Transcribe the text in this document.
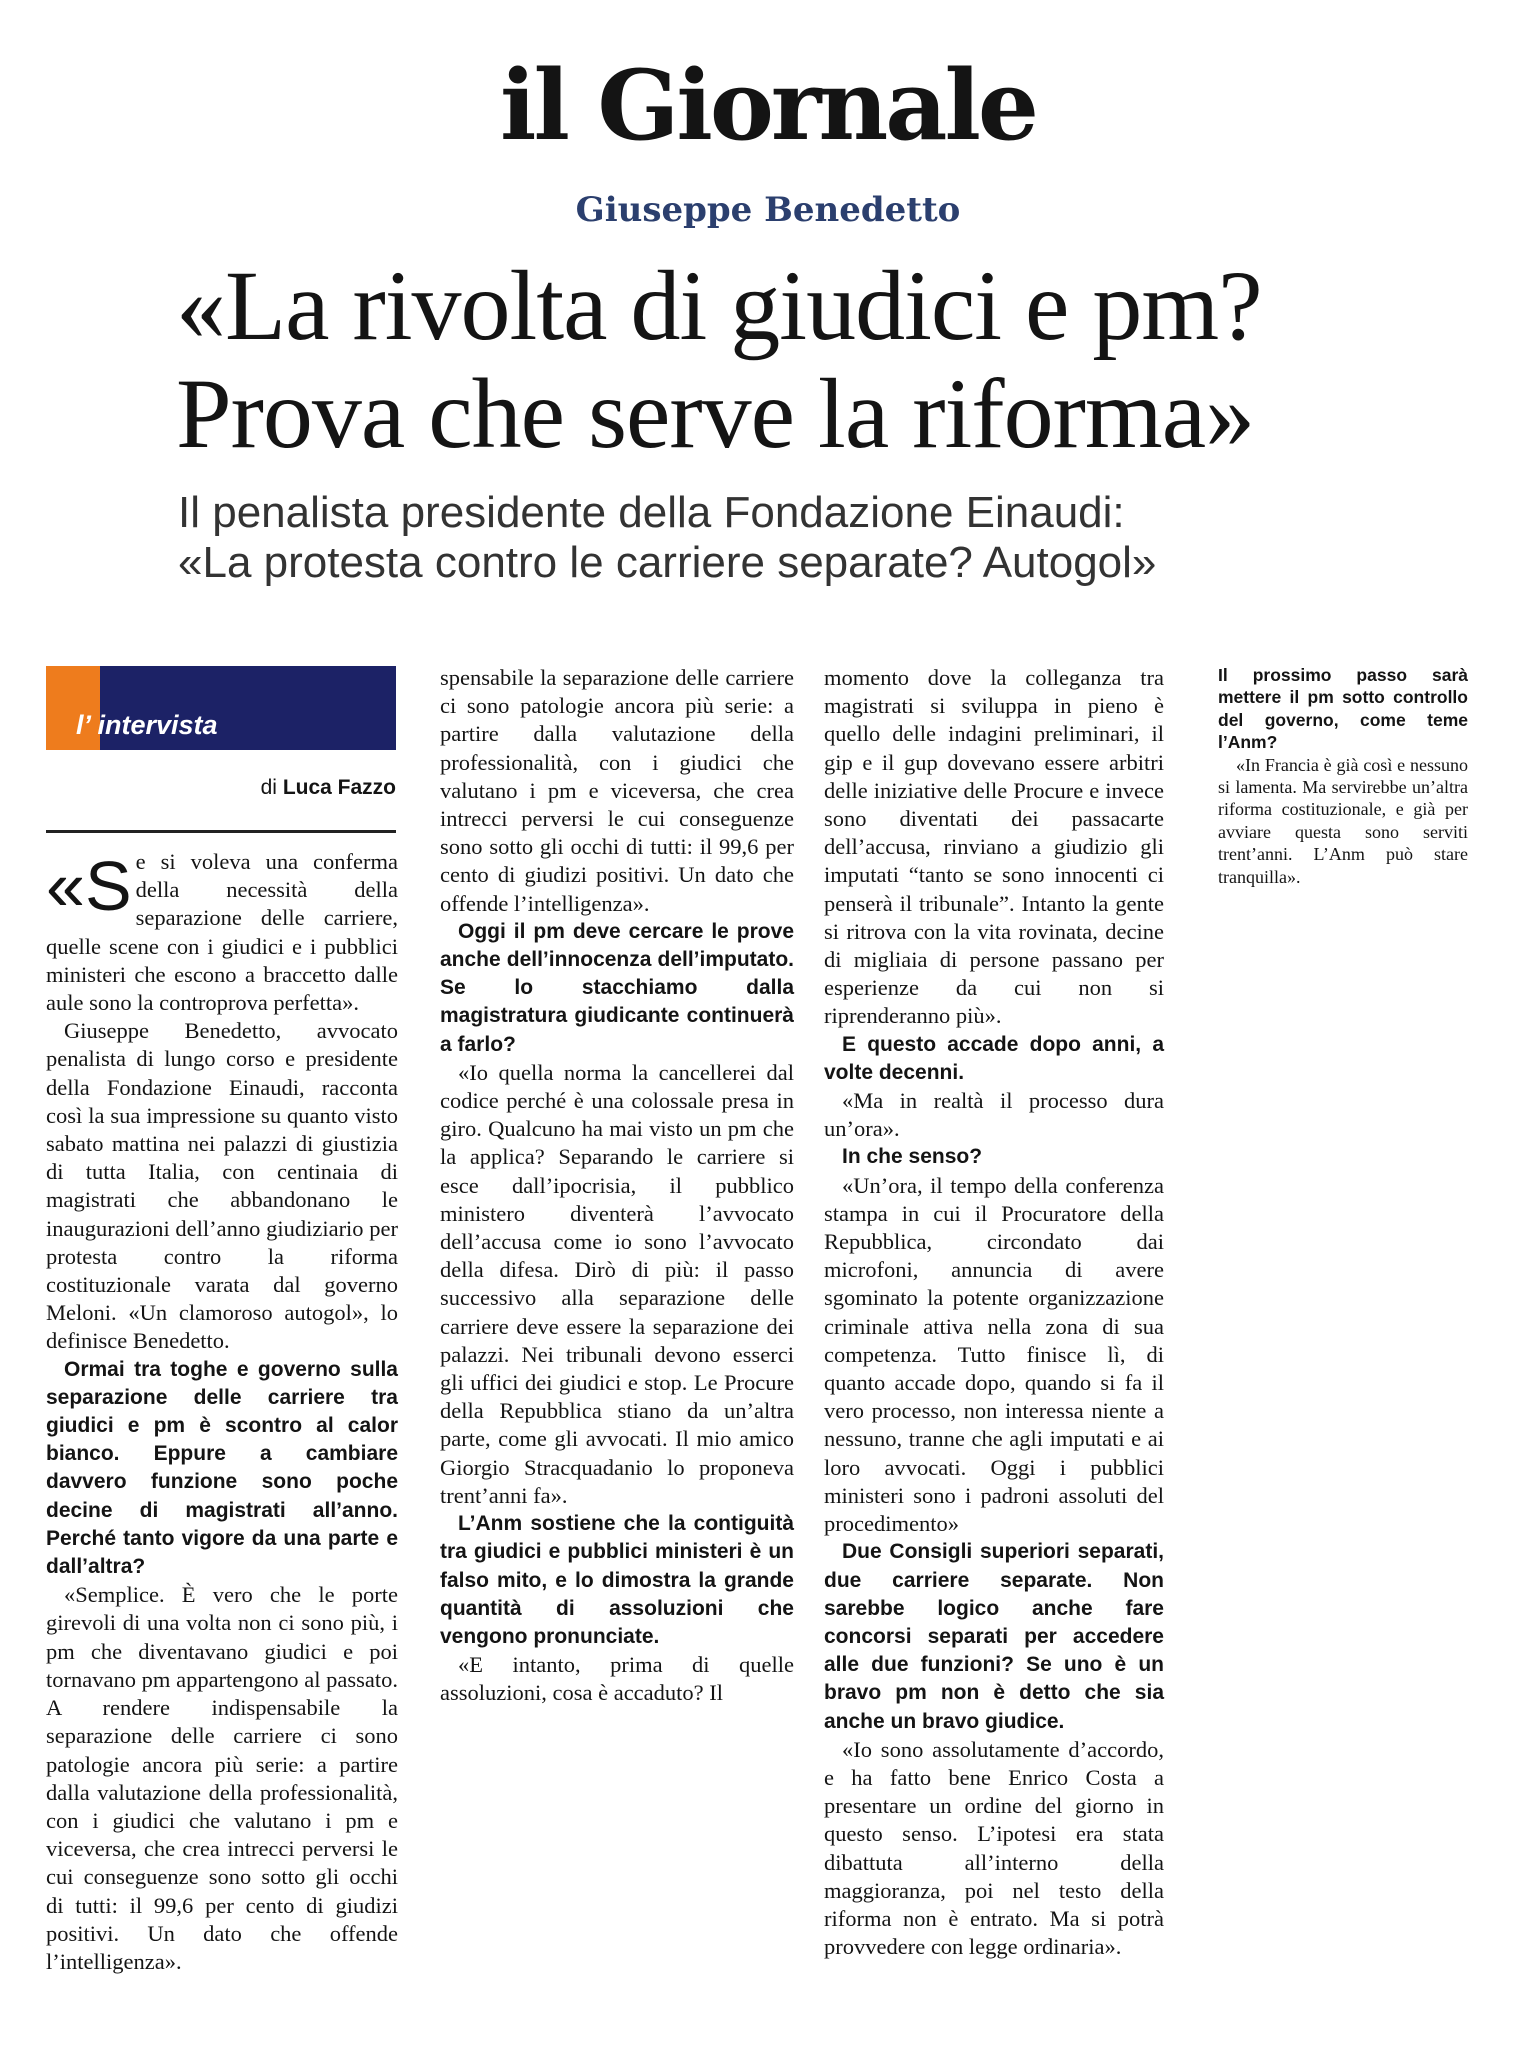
il Giornale
Giuseppe Benedetto
«La rivolta di giudici e pm?
Prova che serve la riforma»
Il penalista presidente della Fondazione Einaudi:
«La protesta contro le carriere separate? Autogol»
l’ intervista
di Luca Fazzo

«S e si voleva una conferma della necessità della separazione delle carriere, quelle scene con i giudici e i pubblici ministeri che escono a braccetto dalle aule sono la controprova perfetta».

Giuseppe Benedetto, avvocato penalista di lungo corso e presidente della Fondazione Einaudi, racconta così la sua impressione su quanto visto sabato mattina nei palazzi di giustizia di tutta Italia, con centinaia di magistrati che abbandonano le inaugurazioni dell’anno giudiziario per protesta contro la riforma costituzionale varata dal governo Meloni. «Un clamoroso autogol», lo definisce Benedetto.

Ormai tra toghe e governo sulla separazione delle carriere tra giudici e pm è scontro al calor bianco. Eppure a cambiare davvero funzione sono poche decine di magistrati all’anno. Perché tanto vigore da una parte e dall’altra?

«Semplice. È vero che le porte girevoli di una volta non ci sono più, i pm che diventavano giudici e poi tornavano pm appartengono al passato. A rendere indispensabile la separazione delle carriere ci sono patologie ancora più serie: a partire dalla valutazione della professionalità, con i giudici che valutano i pm e viceversa, che crea intrecci perversi le cui conseguenze sono sotto gli occhi di tutti: il 99,6 per cento di giudizi positivi. Un dato che offende l’intelligenza».

spensabile la separazione delle carriere ci sono patologie ancora più serie: a partire dalla valutazione della professionalità, con i giudici che valutano i pm e viceversa, che crea intrecci perversi le cui conseguenze sono sotto gli occhi di tutti: il 99,6 per cento di giudizi positivi. Un dato che offende l’intelligenza».

Oggi il pm deve cercare le prove anche dell’innocenza dell’imputato. Se lo stacchiamo dalla magistratura giudicante continuerà a farlo?

«Io quella norma la cancellerei dal codice perché è una colossale presa in giro. Qualcuno ha mai visto un pm che la applica? Separando le carriere si esce dall’ipocrisia, il pubblico ministero diventerà l’avvocato dell’accusa come io sono l’avvocato della difesa. Dirò di più: il passo successivo alla separazione delle carriere deve essere la separazione dei palazzi. Nei tribunali devono esserci gli uffici dei giudici e stop. Le Procure della Repubblica stiano da un’altra parte, come gli avvocati. Il mio amico Giorgio Stracquadanio lo proponeva trent’anni fa».

L’Anm sostiene che la contiguità tra giudici e pubblici ministeri è un falso mito, e lo dimostra la grande quantità di assoluzioni che vengono pronunciate.

«E intanto, prima di quelle assoluzioni, cosa è accaduto? Il

momento dove la colleganza tra magistrati si sviluppa in pieno è quello delle indagini preliminari, il gip e il gup dovevano essere arbitri delle iniziative delle Procure e invece sono diventati dei passacarte dell’accusa, rinviano a giudizio gli imputati “tanto se sono innocenti ci penserà il tribunale”. Intanto la gente si ritrova con la vita rovinata, decine di migliaia di persone passano per esperienze da cui non si riprenderanno più».

E questo accade dopo anni, a volte decenni.

«Ma in realtà il processo dura un’ora».

In che senso?

«Un’ora, il tempo della conferenza stampa in cui il Procuratore della Repubblica, circondato dai microfoni, annuncia di avere sgominato la potente organizzazione criminale attiva nella zona di sua competenza. Tutto finisce lì, di quanto accade dopo, quando si fa il vero processo, non interessa niente a nessuno, tranne che agli imputati e ai loro avvocati. Oggi i pubblici ministeri sono i padroni assoluti del procedimento»

Due Consigli superiori separati, due carriere separate. Non sarebbe logico anche fare concorsi separati per accedere alle due funzioni? Se uno è un bravo pm non è detto che sia anche un bravo giudice.

«Io sono assolutamente d’accordo, e ha fatto bene Enrico Costa a presentare un ordine del giorno in questo senso. L’ipotesi era stata dibattuta all’interno della maggioranza, poi nel testo della riforma non è entrato. Ma si potrà provvedere con legge ordinaria».

Il prossimo passo sarà mettere il pm sotto controllo del governo, come teme l’Anm?

«In Francia è già così e nessuno si lamenta. Ma servirebbe un’altra riforma costituzionale, e già per avviare questa sono serviti trent’anni. L’Anm può stare tranquilla».
